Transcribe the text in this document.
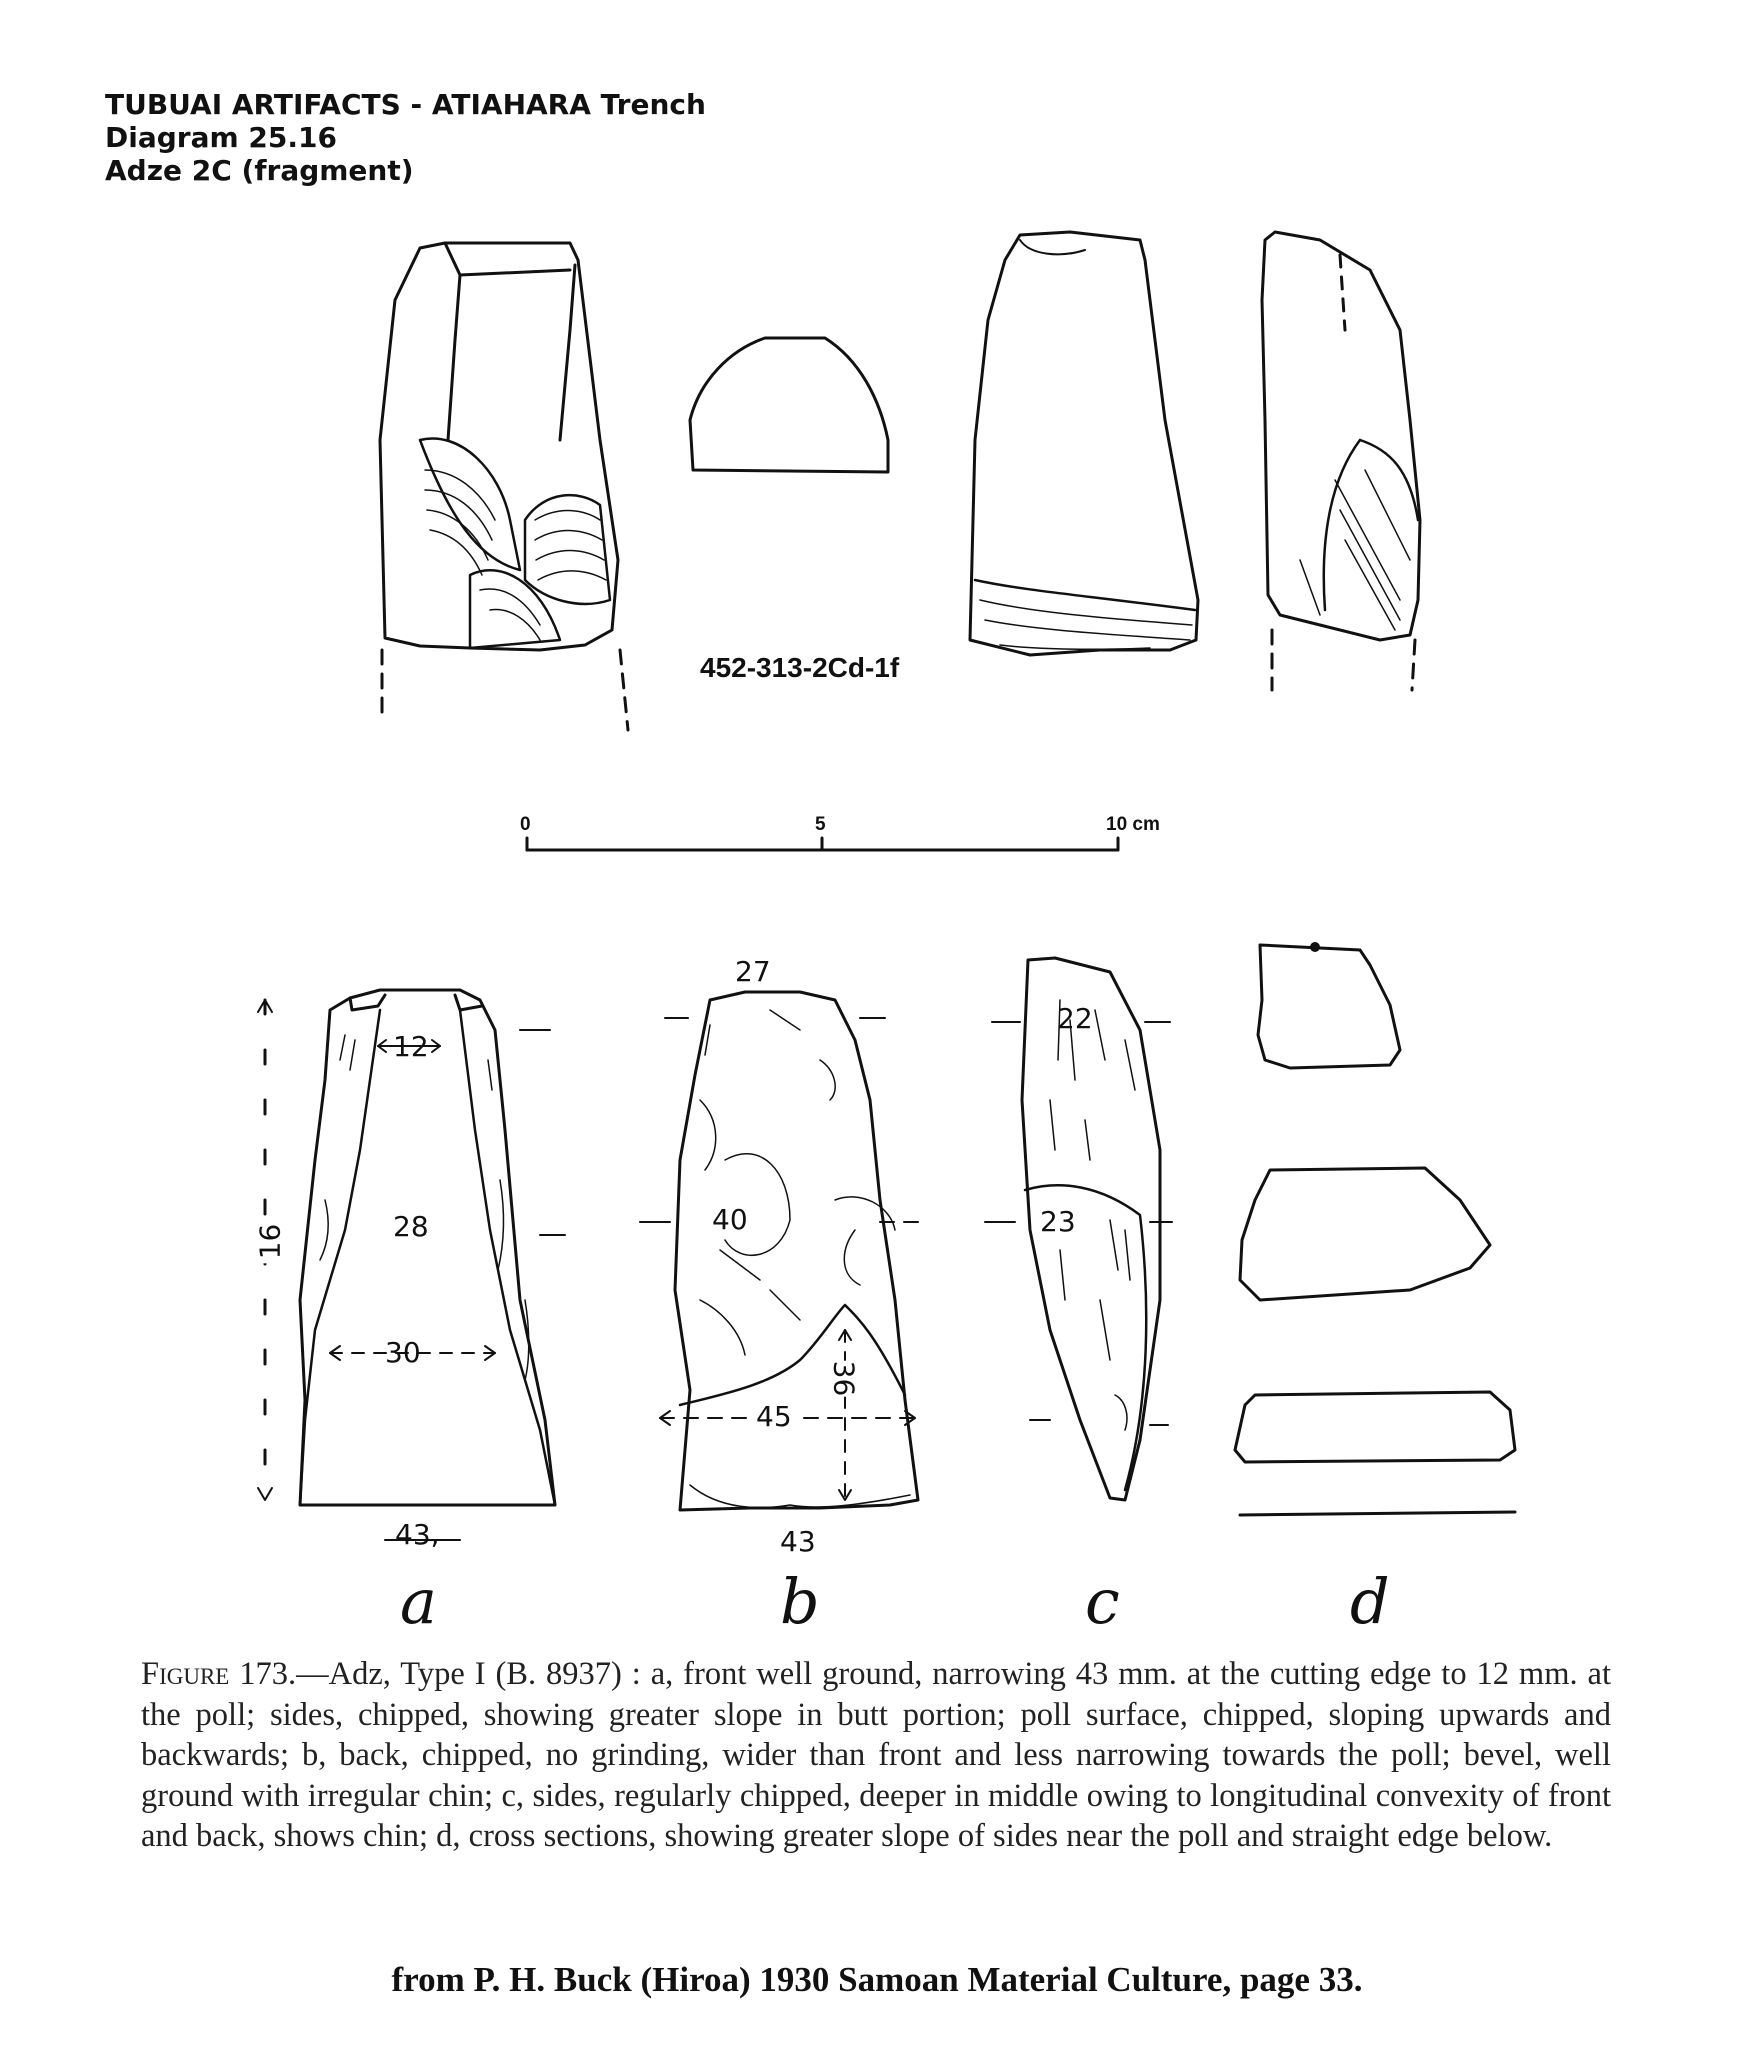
TUBUAI ARTIFACTS - ATIAHARA Trench
Diagram 25.16
Adze 2C (fragment)
452-313-2Cd-1f
0	5	10 cm
12
28
30
43,
16
27
40
45
36
43
22
23
a	b	c	d
Figure 173.—Adz, Type I (B. 8937) : a, front well ground, narrowing 43 mm. at the cutting edge to 12 mm. at the poll; sides, chipped, showing greater slope in butt portion; poll surface, chipped, sloping upwards and backwards; b, back, chipped, no grinding, wider than front and less narrowing towards the poll; bevel, well ground with irregular chin; c, sides, regularly chipped, deeper in middle owing to longitudinal convexity of front and back, shows chin; d, cross sections, showing greater slope of sides near the poll and straight edge below.
from P. H. Buck (Hiroa) 1930 Samoan Material Culture, page 33.
